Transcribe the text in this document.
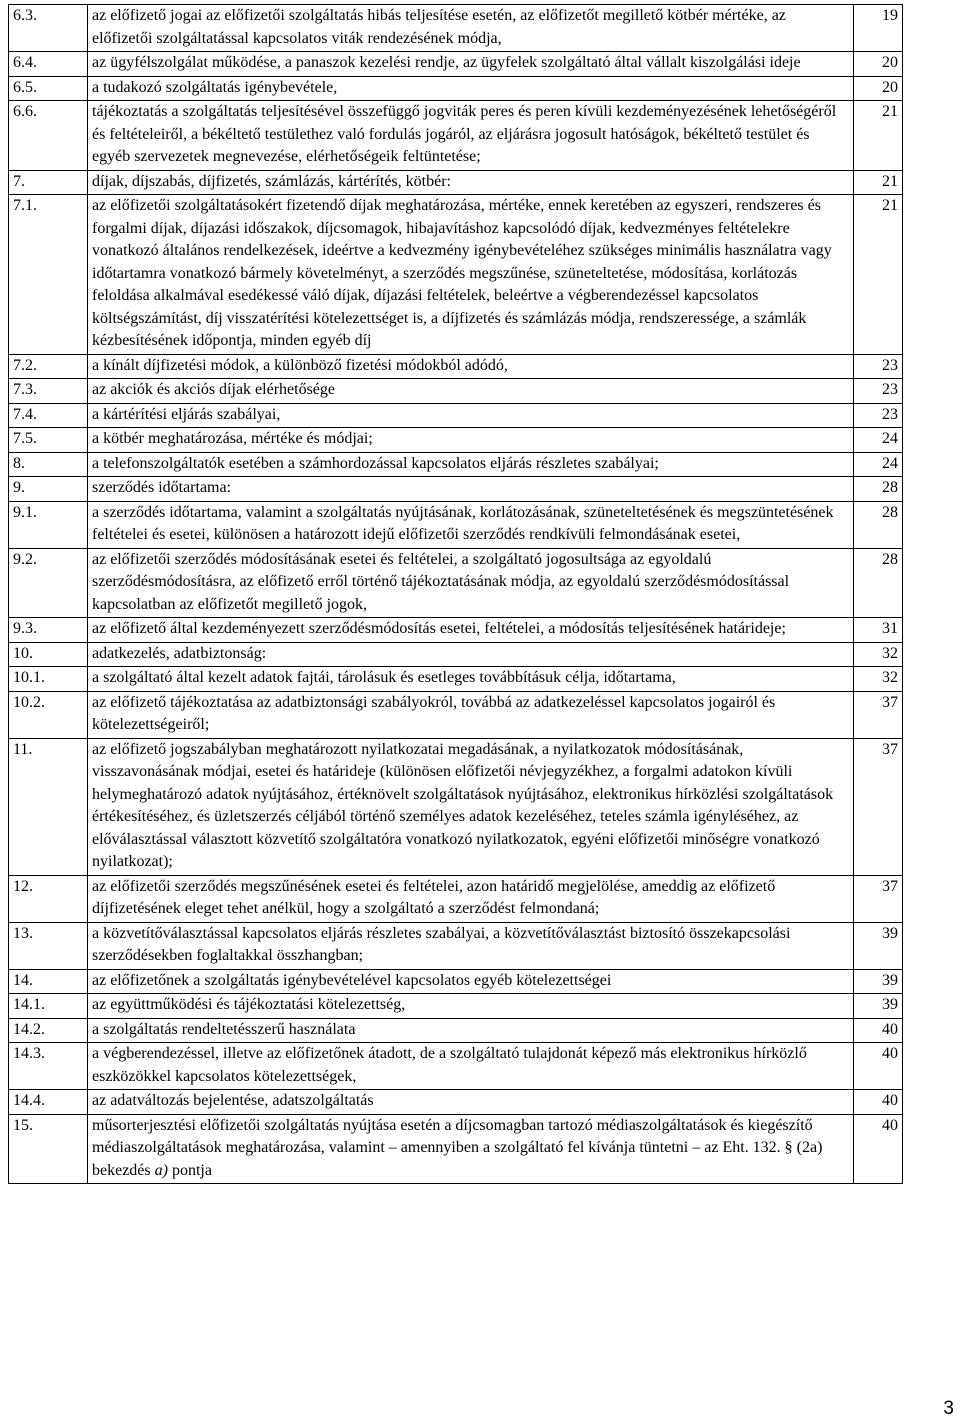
6.3.	az előfizető jogai az előfizetői szolgáltatás hibás teljesítése esetén, az előfizetőt megillető kötbér mértéke, az előfizetői szolgáltatással kapcsolatos viták rendezésének módja,	19
6.4.	az ügyfélszolgálat működése, a panaszok kezelési rendje, az ügyfelek szolgáltató által vállalt kiszolgálási ideje	20
6.5.	a tudakozó szolgáltatás igénybevétele,	20
6.6.	tájékoztatás a szolgáltatás teljesítésével összefüggő jogviták peres és peren kívüli kezdeményezésének lehetőségéről és feltételeiről, a békéltető testülethez való fordulás jogáról, az eljárásra jogosult hatóságok, békéltető testület és egyéb szervezetek megnevezése, elérhetőségeik feltüntetése;	21
7.	díjak, díjszabás, díjfizetés, számlázás, kártérítés, kötbér:	21
7.1.	az előfizetői szolgáltatásokért fizetendő díjak meghatározása, mértéke, ennek keretében az egyszeri, rendszeres és forgalmi díjak, díjazási időszakok, díjcsomagok, hibajavításhoz kapcsolódó díjak, kedvezményes feltételekre vonatkozó általános rendelkezések, ideértve a kedvezmény igénybevételéhez szükséges minimális használatra vagy időtartamra vonatkozó bármely követelményt, a szerződés megszűnése, szüneteltetése, módosítása, korlátozás feloldása alkalmával esedékessé váló díjak, díjazási feltételek, beleértve a végberendezéssel kapcsolatos költségszámítást, díj visszatérítési kötelezettséget is, a díjfizetés és számlázás módja, rendszeressége, a számlák kézbesítésének időpontja, minden egyéb díj	21
7.2.	a kínált díjfizetési módok, a különböző fizetési módokból adódó,	23
7.3.	az akciók és akciós díjak elérhetősége	23
7.4.	a kártérítési eljárás szabályai,	23
7.5.	a kötbér meghatározása, mértéke és módjai;	24
8.	a telefonszolgáltatók esetében a számhordozással kapcsolatos eljárás részletes szabályai;	24
9.	szerződés időtartama:	28
9.1.	a szerződés időtartama, valamint a szolgáltatás nyújtásának, korlátozásának, szüneteltetésének és megszüntetésének feltételei és esetei, különösen a határozott idejű előfizetői szerződés rendkívüli felmondásának esetei,	28
9.2.	az előfizetői szerződés módosításának esetei és feltételei, a szolgáltató jogosultsága az egyoldalú szerződésmódosításra, az előfizető erről történő tájékoztatásának módja, az egyoldalú szerződésmódosítással kapcsolatban az előfizetőt megillető jogok,	28
9.3.	az előfizető által kezdeményezett szerződésmódosítás esetei, feltételei, a módosítás teljesítésének határideje;	31
10.	adatkezelés, adatbiztonság:	32
10.1.	a szolgáltató által kezelt adatok fajtái, tárolásuk és esetleges továbbításuk célja, időtartama,	32
10.2.	az előfizető tájékoztatása az adatbiztonsági szabályokról, továbbá az adatkezeléssel kapcsolatos jogairól és kötelezettségeiről;	37
11.	az előfizető jogszabályban meghatározott nyilatkozatai megadásának, a nyilatkozatok módosításának, visszavonásának módjai, esetei és határideje (különösen előfizetői névjegyzékhez, a forgalmi adatokon kívüli helymeghatározó adatok nyújtásához, értéknövelt szolgáltatások nyújtásához, elektronikus hírközlési szolgáltatások értékesítéséhez, és üzletszerzés céljából történő személyes adatok kezeléséhez, teteles számla igényléséhez, az előválasztással választott közvetítő szolgáltatóra vonatkozó nyilatkozatok, egyéni előfizetői minőségre vonatkozó nyilatkozat);	37
12.	az előfizetői szerződés megszűnésének esetei és feltételei, azon határidő megjelölése, ameddig az előfizető díjfizetésének eleget tehet anélkül, hogy a szolgáltató a szerződést felmondaná;	37
13.	a közvetítőválasztással kapcsolatos eljárás részletes szabályai, a közvetítőválasztást biztosító összekapcsolási szerződésekben foglaltakkal összhangban;	39
14.	az előfizetőnek a szolgáltatás igénybevételével kapcsolatos egyéb kötelezettségei	39
14.1.	az együttműködési és tájékoztatási kötelezettség,	39
14.2.	a szolgáltatás rendeltetésszerű használata	40
14.3.	a végberendezéssel, illetve az előfizetőnek átadott, de a szolgáltató tulajdonát képező más elektronikus hírközlő eszközökkel kapcsolatos kötelezettségek,	40
14.4.	az adatváltozás bejelentése, adatszolgáltatás	40
15.	műsorterjesztési előfizetői szolgáltatás nyújtása esetén a díjcsomagban tartozó médiaszolgáltatások és kiegészítő médiaszolgáltatások meghatározása, valamint – amennyiben a szolgáltató fel kívánja tüntetni – az Eht. 132. § (2a) bekezdés a) pontja	40
3
